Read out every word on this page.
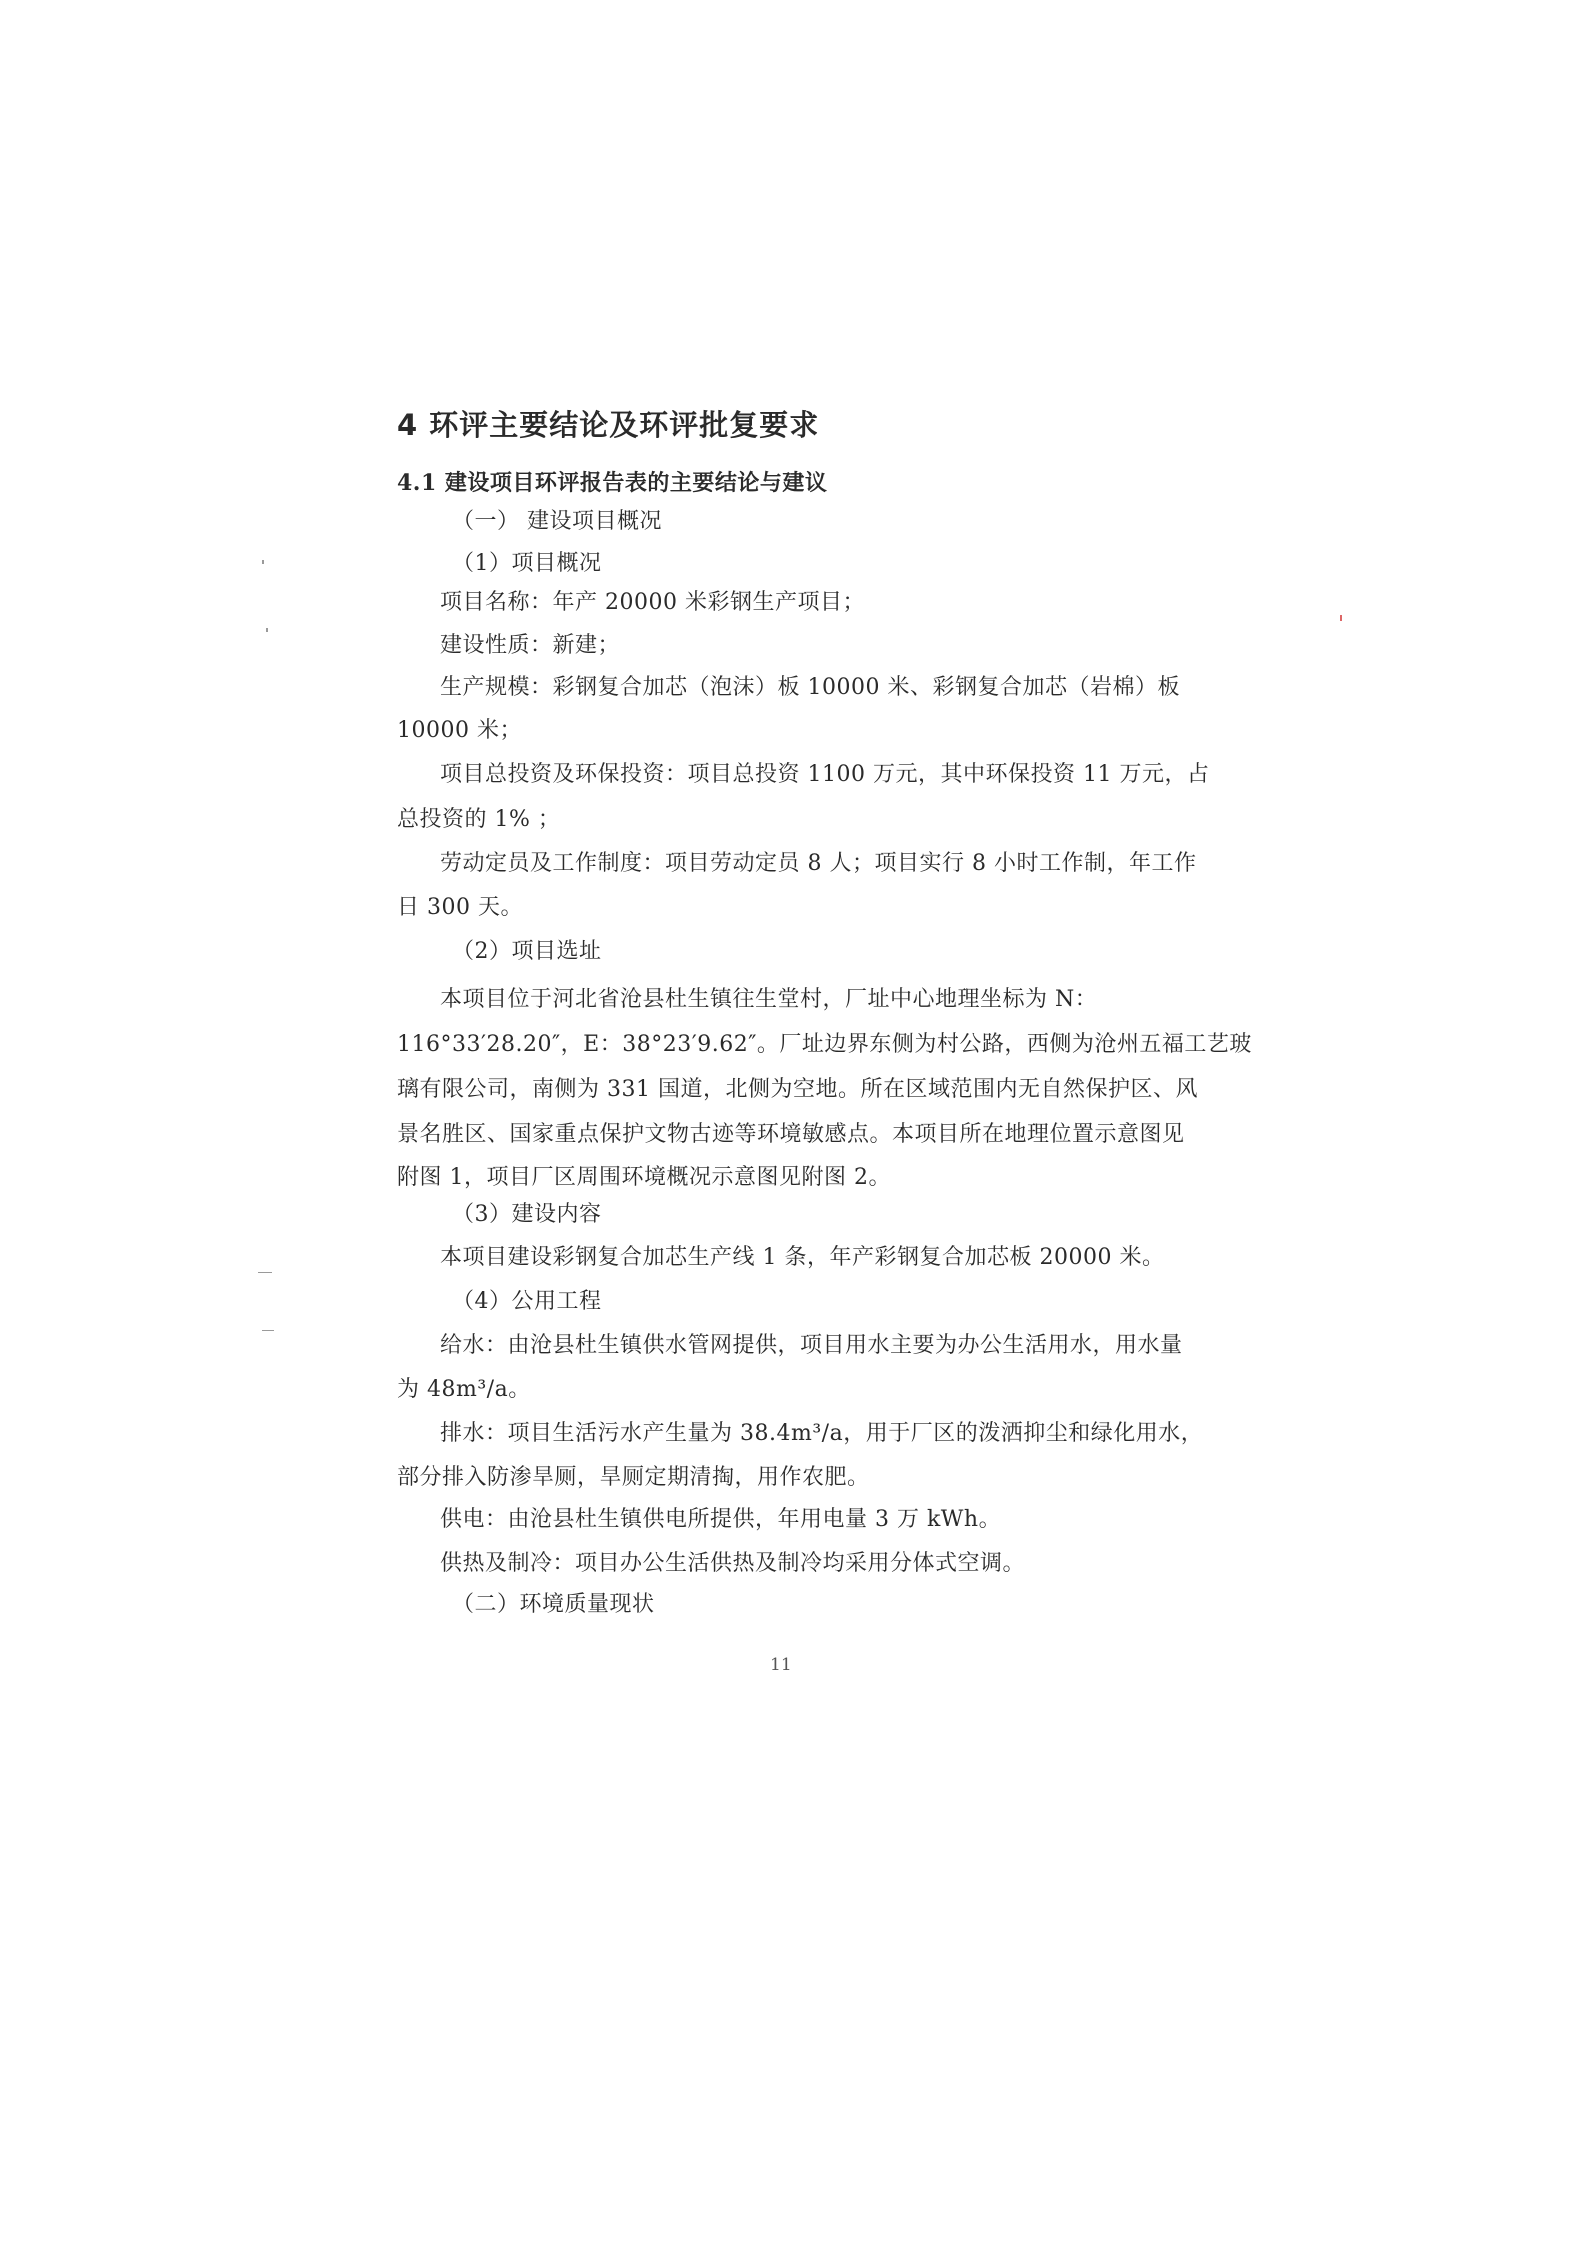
4 环评主要结论及环评批复要求
4.1 建设项目环评报告表的主要结论与建议
（一） 建设项目概况
（1）项目概况
项目名称：年产 20000 米彩钢生产项目；
建设性质：新建；
生产规模：彩钢复合加芯（泡沫）板 10000 米、彩钢复合加芯（岩棉）板
10000 米；
项目总投资及环保投资：项目总投资 1100 万元，其中环保投资 11 万元，占
总投资的 1% ；
劳动定员及工作制度：项目劳动定员 8 人；项目实行 8 小时工作制，年工作
日 300 天。
（2）项目选址
本项目位于河北省沧县杜生镇往生堂村，厂址中心地理坐标为 N：
116°33′28.20″，E：38°23′9.62″。厂址边界东侧为村公路，西侧为沧州五福工艺玻
璃有限公司，南侧为 331 国道，北侧为空地。所在区域范围内无自然保护区、风
景名胜区、国家重点保护文物古迹等环境敏感点。本项目所在地理位置示意图见
附图 1，项目厂区周围环境概况示意图见附图 2。
（3）建设内容
本项目建设彩钢复合加芯生产线 1 条，年产彩钢复合加芯板 20000 米。
（4）公用工程
给水：由沧县杜生镇供水管网提供，项目用水主要为办公生活用水，用水量
为 48m³/a。
排水：项目生活污水产生量为 38.4m³/a，用于厂区的泼洒抑尘和绿化用水，
部分排入防渗旱厕，旱厕定期清掏，用作农肥。
供电：由沧县杜生镇供电所提供，年用电量 3 万 kWh。
供热及制冷：项目办公生活供热及制冷均采用分体式空调。
（二）环境质量现状
11
